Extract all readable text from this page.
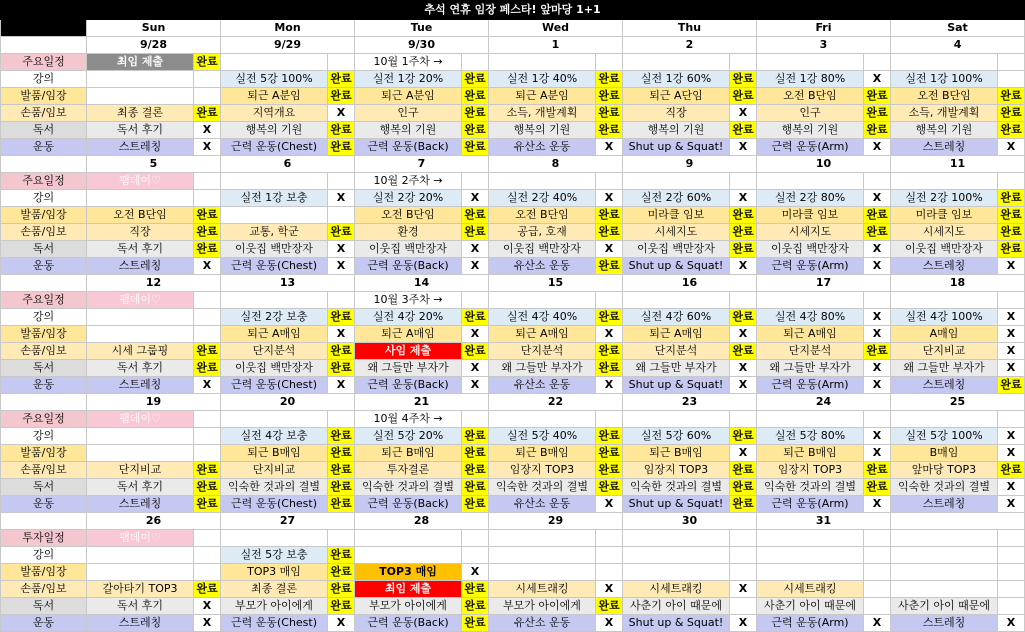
추석 연휴 임장 페스타! 앞마당 1+1														
2025년 10월	Sun		Mon		Tue		Wed		Thu		Fri		Sat	
	9/28		9/29		9/30		1		2		3		4	
주요일정	최임 제출	완료			10월 1주차 →									
강의			실전 5강 100%	완료	실전 1강 20%	완료	실전 1강 40%	완료	실전 1강 60%	완료	실전 1강 80%	X	실전 1강 100%	
발품/임장			퇴근 A분임	완료	퇴근 A분임	완료	퇴근 A분임	완료	퇴근 A단임	완료	오전 B단임	완료	오전 B단임	완료
손품/임보	최종 결론	완료	지역개요	X	인구	완료	소득, 개발계획	완료	직장	X	인구	완료	소득, 개발계획	완료
독서	독서 후기	X	행복의 기원	완료	행복의 기원	완료	행복의 기원	완료	행복의 기원	완료	행복의 기원	완료	행복의 기원	완료
운동	스트레칭	X	근력 운동(Chest)	완료	근력 운동(Back)	완료	유산소 운동	X	Shut up & Squat!	X	근력 운동(Arm)	X	스트레칭	X
	5		6		7		8		9		10		11	
주요일정	팸데이♡				10월 2주차 →									
강의			실전 1강 보충	X	실전 2강 20%	X	실전 2강 40%	X	실전 2강 60%	X	실전 2강 80%	X	실전 2강 100%	완료
발품/임장	오전 B단임	완료			오전 B단임	완료	오전 B단임	완료	미라클 임보	완료	미라클 임보	완료	미라클 임보	완료
손품/임보	직장	완료	교통, 학군	완료	환경	완료	공급, 호재	완료	시세지도	완료	시세지도	완료	시세지도	완료
독서	독서 후기	완료	이웃집 백만장자	X	이웃집 백만장자	X	이웃집 백만장자	X	이웃집 백만장자	완료	이웃집 백만장자	X	이웃집 백만장자	완료
운동	스트레칭	X	근력 운동(Chest)	X	근력 운동(Back)	X	유산소 운동	완료	Shut up & Squat!	X	근력 운동(Arm)	X	스트레칭	X
	12		13		14		15		16		17		18	
주요일정	팸데이♡				10월 3주차 →									
강의			실전 2강 보충	완료	실전 4강 20%	완료	실전 4강 40%	완료	실전 4강 60%	완료	실전 4강 80%	X	실전 4강 100%	X
발품/임장			퇴근 A매임	X	퇴근 A매임	X	퇴근 A매임	X	퇴근 A매임	X	퇴근 A매임	X	A매임	X
손품/임보	시세 그룹핑	완료	단지분석	완료	사임 제출	완료	단지분석	완료	단지분석	완료	단지분석	완료	단지비교	X
독서	독서 후기	완료	이웃집 백만장자	완료	왜 그들만 부자가	X	왜 그들만 부자가	완료	왜 그들만 부자가	X	왜 그들만 부자가	X	왜 그들만 부자가	X
운동	스트레칭	X	근력 운동(Chest)	X	근력 운동(Back)	X	유산소 운동	X	Shut up & Squat!	X	근력 운동(Arm)	X	스트레칭	완료
	19		20		21		22		23		24		25	
주요일정	팸데이♡				10월 4주차 →									
강의			실전 4강 보충	완료	실전 5강 20%	완료	실전 5강 40%	완료	실전 5강 60%	완료	실전 5강 80%	X	실전 5강 100%	X
발품/임장			퇴근 B매임	완료	퇴근 B매임	완료	퇴근 B매임	완료	퇴근 B매임	X	퇴근 B매임	X	B매임	X
손품/임보	단지비교	완료	단지비교	완료	투자결론	완료	임장지 TOP3	완료	임장지 TOP3	완료	임장지 TOP3	완료	앞마당 TOP3	완료
독서	독서 후기	완료	익숙한 것과의 결별	완료	익숙한 것과의 결별	완료	익숙한 것과의 결별	완료	익숙한 것과의 결별	완료	익숙한 것과의 결별	완료	익숙한 것과의 결별	X
운동	스트레칭	완료	근력 운동(Chest)	완료	근력 운동(Back)	완료	유산소 운동	X	Shut up & Squat!	완료	근력 운동(Arm)	X	스트레칭	X
	26		27		28		29		30		31			
투자일정	팸데이♡													
강의			실전 5강 보충	완료										
발품/임장			TOP3 매임	완료	TOP3 매임	X								
손품/임보	갈아타기 TOP3	완료	최종 결론	완료	최임 제출	완료	시세트래킹	X	시세트래킹	X	시세트래킹			
독서	독서 후기	X	부모가 아이에게	완료	부모가 아이에게	완료	부모가 아이에게	완료	사춘기 아이 때문에		사춘기 아이 때문에		사춘기 아이 때문에	
운동	스트레칭	X	근력 운동(Chest)	X	근력 운동(Back)	완료	유산소 운동	X	Shut up & Squat!	X	근력 운동(Arm)	X	스트레칭	X
